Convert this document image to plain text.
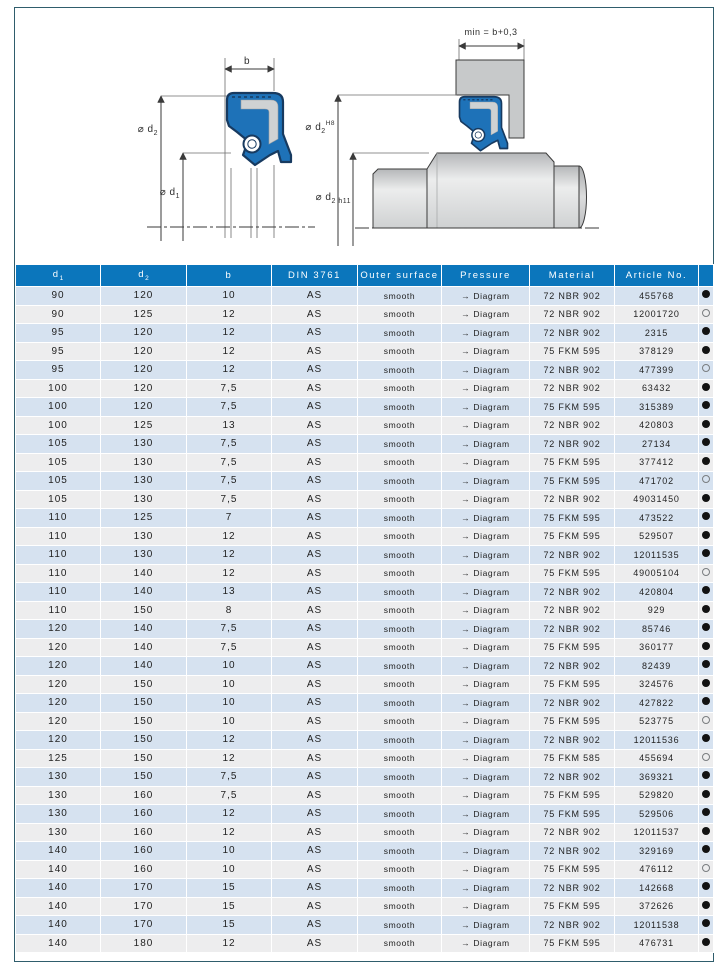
b
⌀ $d_2$
⌀ $d_1$
min = b+0,3
⌀ $d_2^{H8}$
⌀ $d_2$ h11
$d_1$	$d_2$	b	DIN 3761	Outer surface	Pressure	Material	Article No.	
90	120	10	AS	smooth	→ Diagram	72 NBR 902	455768	
90	125	12	AS	smooth	→ Diagram	72 NBR 902	12001720	
95	120	12	AS	smooth	→ Diagram	72 NBR 902	2315	
95	120	12	AS	smooth	→ Diagram	75 FKM 595	378129	
95	120	12	AS	smooth	→ Diagram	72 NBR 902	477399	
100	120	7,5	AS	smooth	→ Diagram	72 NBR 902	63432	
100	120	7,5	AS	smooth	→ Diagram	75 FKM 595	315389	
100	125	13	AS	smooth	→ Diagram	72 NBR 902	420803	
105	130	7,5	AS	smooth	→ Diagram	72 NBR 902	27134	
105	130	7,5	AS	smooth	→ Diagram	75 FKM 595	377412	
105	130	7,5	AS	smooth	→ Diagram	75 FKM 595	471702	
105	130	7,5	AS	smooth	→ Diagram	72 NBR 902	49031450	
110	125	7	AS	smooth	→ Diagram	75 FKM 595	473522	
110	130	12	AS	smooth	→ Diagram	75 FKM 595	529507	
110	130	12	AS	smooth	→ Diagram	72 NBR 902	12011535	
110	140	12	AS	smooth	→ Diagram	75 FKM 595	49005104	
110	140	13	AS	smooth	→ Diagram	72 NBR 902	420804	
110	150	8	AS	smooth	→ Diagram	72 NBR 902	929	
120	140	7,5	AS	smooth	→ Diagram	72 NBR 902	85746	
120	140	7,5	AS	smooth	→ Diagram	75 FKM 595	360177	
120	140	10	AS	smooth	→ Diagram	72 NBR 902	82439	
120	150	10	AS	smooth	→ Diagram	75 FKM 595	324576	
120	150	10	AS	smooth	→ Diagram	72 NBR 902	427822	
120	150	10	AS	smooth	→ Diagram	75 FKM 595	523775	
120	150	12	AS	smooth	→ Diagram	72 NBR 902	12011536	
125	150	12	AS	smooth	→ Diagram	75 FKM 585	455694	
130	150	7,5	AS	smooth	→ Diagram	72 NBR 902	369321	
130	160	7,5	AS	smooth	→ Diagram	75 FKM 595	529820	
130	160	12	AS	smooth	→ Diagram	75 FKM 595	529506	
130	160	12	AS	smooth	→ Diagram	72 NBR 902	12011537	
140	160	10	AS	smooth	→ Diagram	72 NBR 902	329169	
140	160	10	AS	smooth	→ Diagram	75 FKM 595	476112	
140	170	15	AS	smooth	→ Diagram	72 NBR 902	142668	
140	170	15	AS	smooth	→ Diagram	75 FKM 595	372626	
140	170	15	AS	smooth	→ Diagram	72 NBR 902	12011538	
140	180	12	AS	smooth	→ Diagram	75 FKM 595	476731	
